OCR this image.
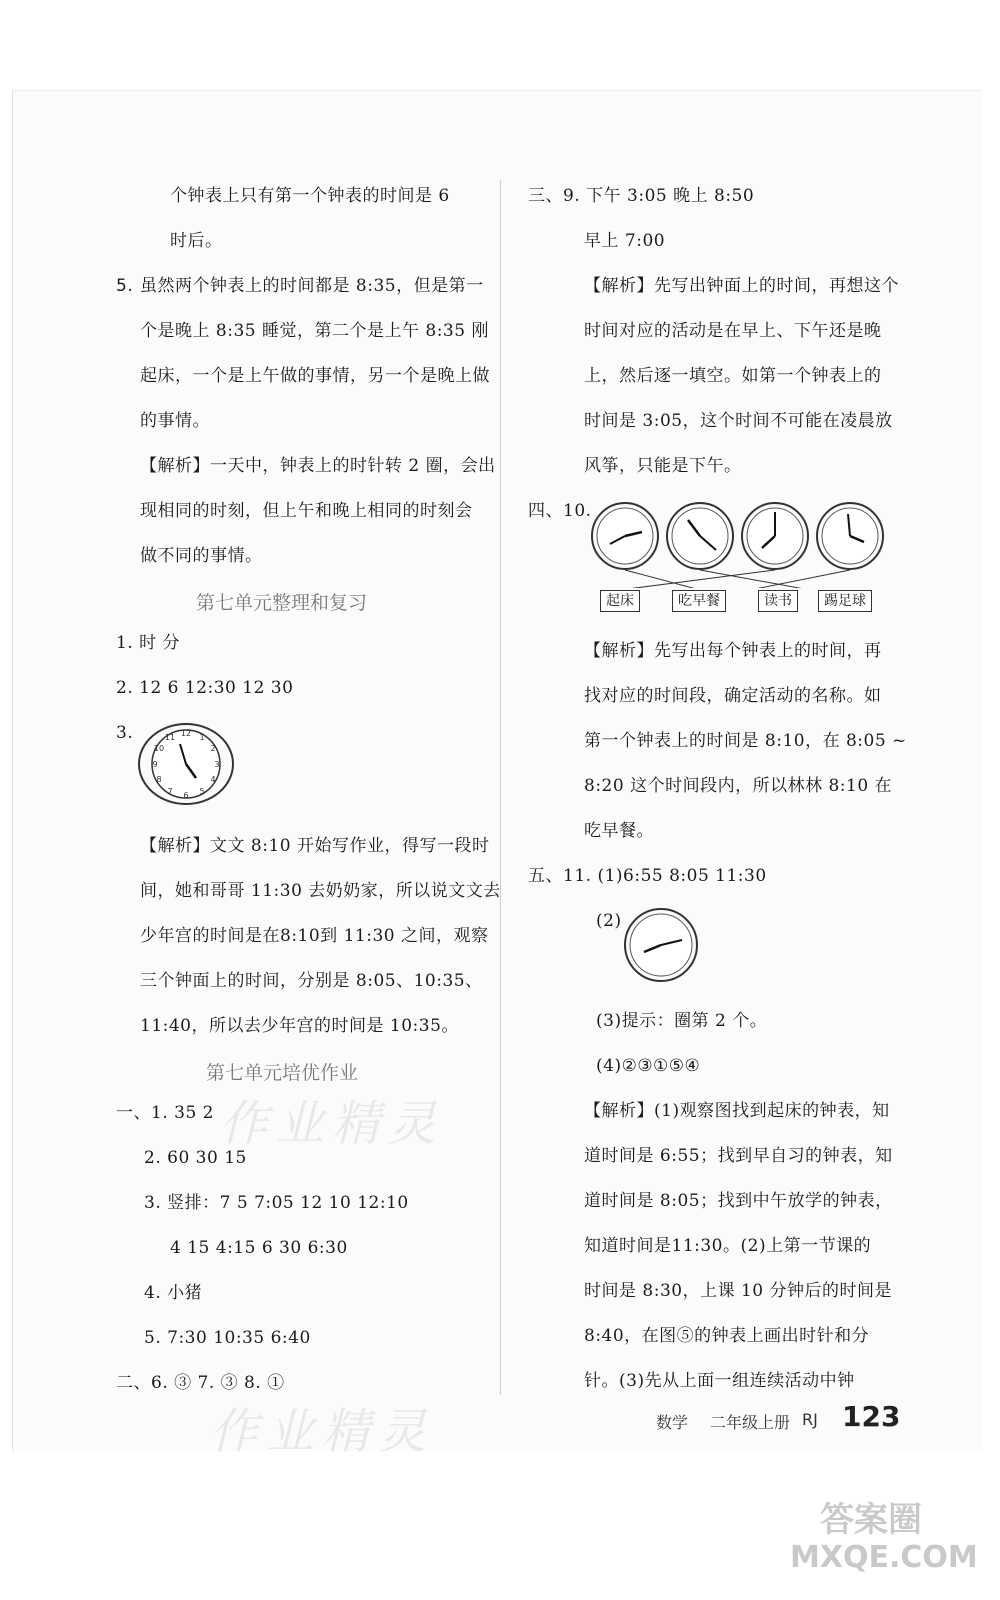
个钟表上只有第一个钟表的时间是 6
时后。
5. 虽然两个钟表上的时间都是 8:35，但是第一
个是晚上 8:35 睡觉，第二个是上午 8:35 刚
起床，一个是上午做的事情，另一个是晚上做
的事情。
【解析】一天中，钟表上的时针转 2 圈，会出
现相同的时刻，但上午和晚上相同的时刻会
做不同的事情。
第七单元整理和复习
1. 时 分
2. 12 6 12:30 12 30
3.	12 1
2
3
4
5
6
7
8
9
10
11
【解析】文文 8:10 开始写作业，得写一段时
间，她和哥哥 11:30 去奶奶家，所以说文文去
少年宫的时间是在8:10到 11:30 之间，观察
三个钟面上的时间，分别是 8:05、10:35、
11:40，所以去少年宫的时间是 10:35。
第七单元培优作业
作业精灵
一、1. 35 2
2. 60 30 15
3. 竖排：7 5 7:05 12 10 12:10
4 15 4:15 6 30 6:30
4. 小猪
5. 7:30 10:35 6:40
二、6. ③ 7. ③ 8. ①
作业精灵
三、9. 下午 3:05 晚上 8:50
早上 7:00
【解析】先写出钟面上的时间，再想这个
时间对应的活动是在早上、下午还是晚
上，然后逐一填空。如第一个钟表上的
时间是 3:05，这个时间不可能在凌晨放
风筝，只能是下午。
四、10.
起床	吃早餐	读书	踢足球
【解析】先写出每个钟表上的时间，再
找对应的时间段，确定活动的名称。如
第一个钟表上的时间是 8:10，在 8:05 ~
8:20 这个时间段内，所以林林 8:10 在
吃早餐。
五、11. (1)6:55 8:05 11:30
(2)
(3)提示：圈第 2 个。
(4)②③①⑤④
【解析】(1)观察图找到起床的钟表，知
道时间是 6:55；找到早自习的钟表，知
道时间是 8:05；找到中午放学的钟表，
知道时间是11:30。(2)上第一节课的
时间是 8:30，上课 10 分钟后的时间是
8:40，在图⑤的钟表上画出时针和分
针。(3)先从上面一组连续活动中钟
数学 二年级上册 RJ 123
答案圈
MXQE.COM
